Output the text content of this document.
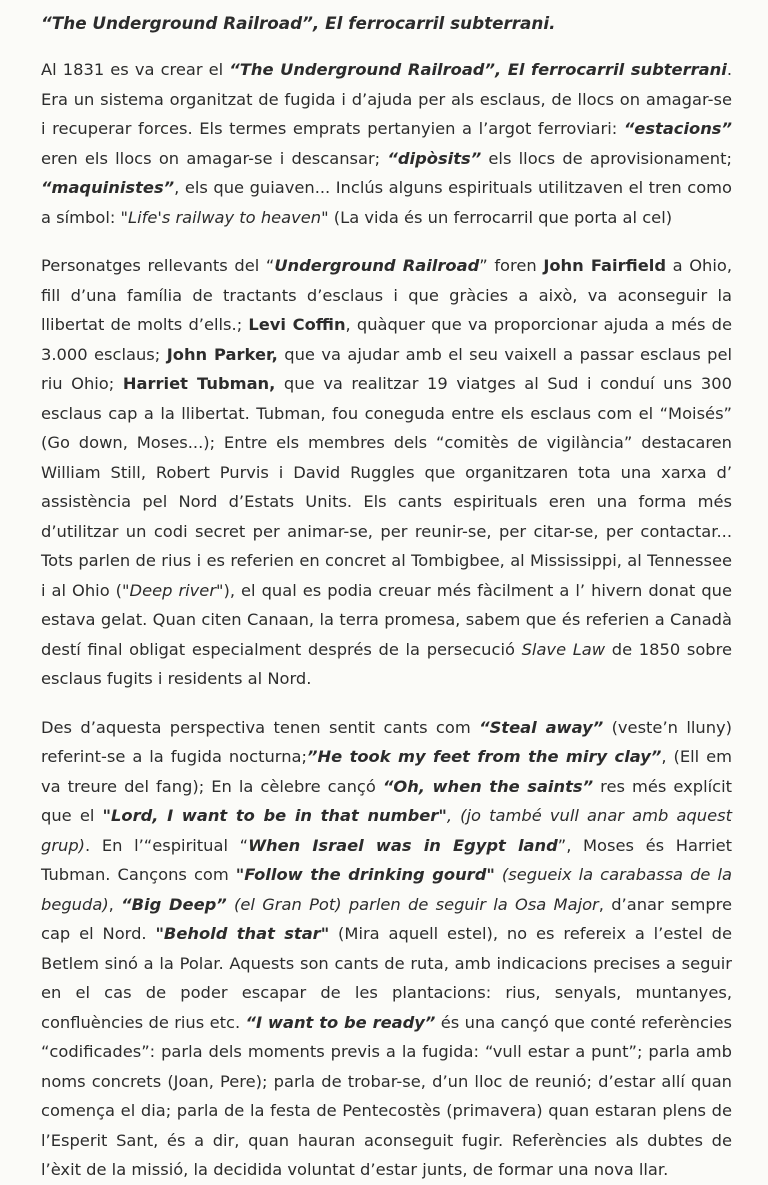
“The Underground Railroad”, El ferrocarril subterrani.

Al 1831 es va crear el “The Underground Railroad”, El ferrocarril subterrani. Era un sistema organitzat de fugida i d’ajuda per als esclaus, de llocs on amagar-se i recuperar forces. Els termes emprats pertanyien a l’argot ferroviari: “estacions” eren els llocs on amagar-se i descansar; “dipòsits” els llocs de aprovisionament; “maquinistes”, els que guiaven... Inclús alguns espirituals utilitzaven el tren como a símbol: "Life's railway to heaven" (La vida és un ferrocarril que porta al cel)

Personatges rellevants del “Underground Railroad” foren John Fairfield a Ohio, fill d’una família de tractants d’esclaus i que gràcies a això, va aconseguir la llibertat de molts d’ells.; Levi Coffin, quàquer que va proporcionar ajuda a més de 3.000 esclaus; John Parker, que va ajudar amb el seu vaixell a passar esclaus pel riu Ohio; Harriet Tubman, que va realitzar 19 viatges al Sud i conduí uns 300 esclaus cap a la llibertat. Tubman, fou coneguda entre els esclaus com el “Moisés” (Go down, Moses...); Entre els membres dels “comitès de vigilància” destacaren William Still, Robert Purvis i David Ruggles que organitzaren tota una xarxa d’ assistència pel Nord d’Estats Units. Els cants espirituals eren una forma més d’utilitzar un codi secret per animar-se, per reunir-se, per citar-se, per contactar... Tots parlen de rius i es referien en concret al Tombigbee, al Mississippi, al Tennessee i al Ohio ("Deep river"), el qual es podia creuar més fàcilment a l’ hivern donat que estava gelat. Quan citen Canaan, la terra promesa, sabem que és referien a Canadà destí final obligat especialment després de la persecució Slave Law de 1850 sobre esclaus fugits i residents al Nord.

Des d’aquesta perspectiva tenen sentit cants com “Steal away” (veste’n lluny) referint-se a la fugida nocturna;”He took my feet from the miry clay”, (Ell em va treure del fang); En la cèlebre cançó “Oh, when the saints” res més explícit que el "Lord, I want to be in that number", (jo també vull anar amb aquest grup). En l’“espiritual “When Israel was in Egypt land”, Moses és Harriet Tubman. Cançons com "Follow the drinking gourd" (segueix la carabassa de la beguda), “Big Deep” (el Gran Pot) parlen de seguir la Osa Major, d’anar sempre cap el Nord. "Behold that star" (Mira aquell estel), no es refereix a l’estel de Betlem sinó a la Polar. Aquests son cants de ruta, amb indicacions precises a seguir en el cas de poder escapar de les plantacions: rius, senyals, muntanyes, confluències de rius etc. “I want to be ready” és una cançó que conté referències “codificades”: parla dels moments previs a la fugida: “vull estar a punt”; parla amb noms concrets (Joan, Pere); parla de trobar-se, d’un lloc de reunió; d’estar allí quan comença el dia; parla de la festa de Pentecostès (primavera) quan estaran plens de l’Esperit Sant, és a dir, quan hauran aconseguit fugir. Referències als dubtes de l’èxit de la missió, la decidida voluntat d’estar junts, de formar una nova llar.
